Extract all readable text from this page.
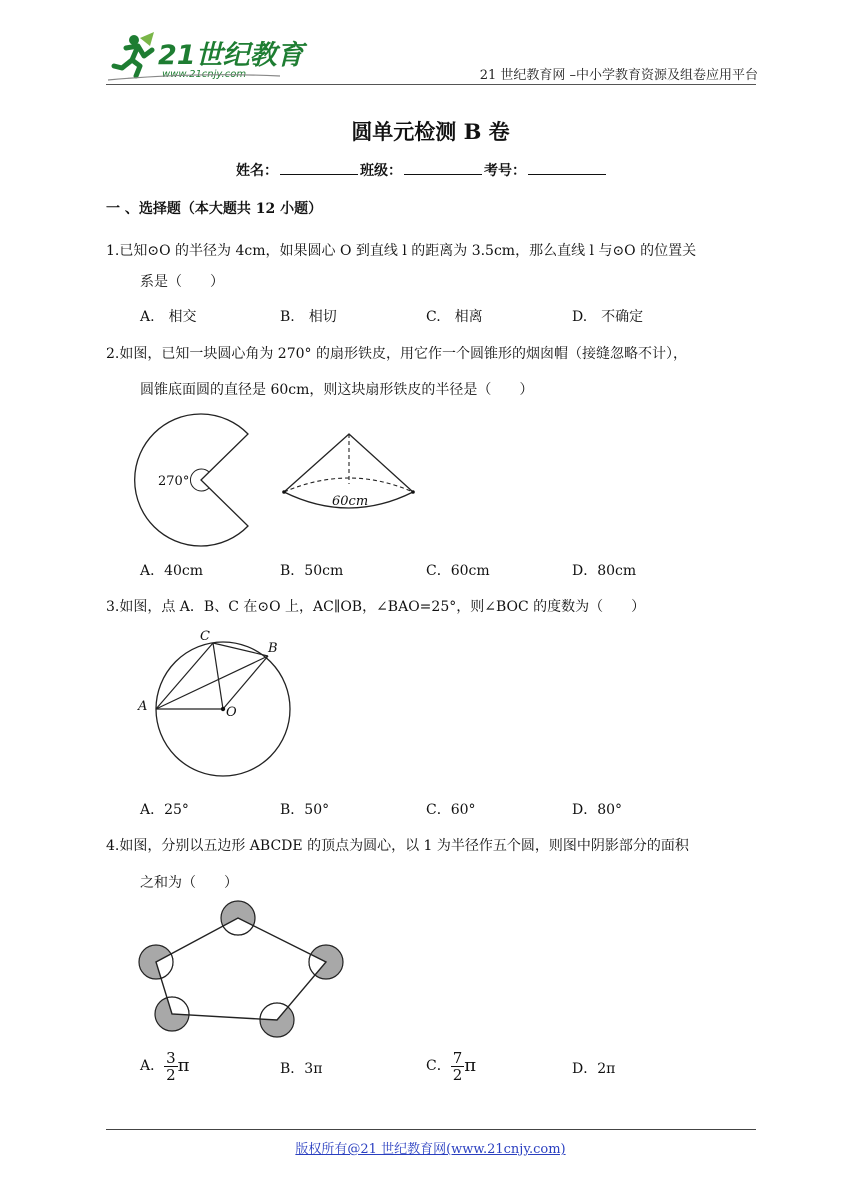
21世纪教育
www.21cnjy.com	21 世纪教育网 –中小学教育资源及组卷应用平台
圆单元检测 B 卷
姓名：	班级：	考号：
一 、选择题（本大题共 12 小题）
1.已知⊙O 的半径为 4cm，如果圆心 O 到直线 l 的距离为 3.5cm，那么直线 l 与⊙O 的位置关
系是（　　）
A.　相交	B.　相切	C.　相离	D.　不确定
2.如图，已知一块圆心角为 270° 的扇形铁皮，用它作一个圆锥形的烟囱帽（接缝忽略不计），
圆锥底面圆的直径是 60cm，则这块扇形铁皮的半径是（　　）
270°
60cm
A．40cm	B．50cm	C．60cm	D．80cm
3.如图，点 A．B、C 在⊙O 上，AC∥OB，∠BAO=25°，则∠BOC 的度数为（　　）
A
B
C
O
A．25°	B．50°	C．60°	D．80°
4.如图，分别以五边形 ABCDE 的顶点为圆心，以 1 为半径作五个圆，则图中阴影部分的面积
之和为（　　）
A． $\frac{3}{2}$ π	B．3π	C． $\frac{7}{2}$ π	D．2π
版权所有@21 世纪教育网(www.21cnjy.com)
